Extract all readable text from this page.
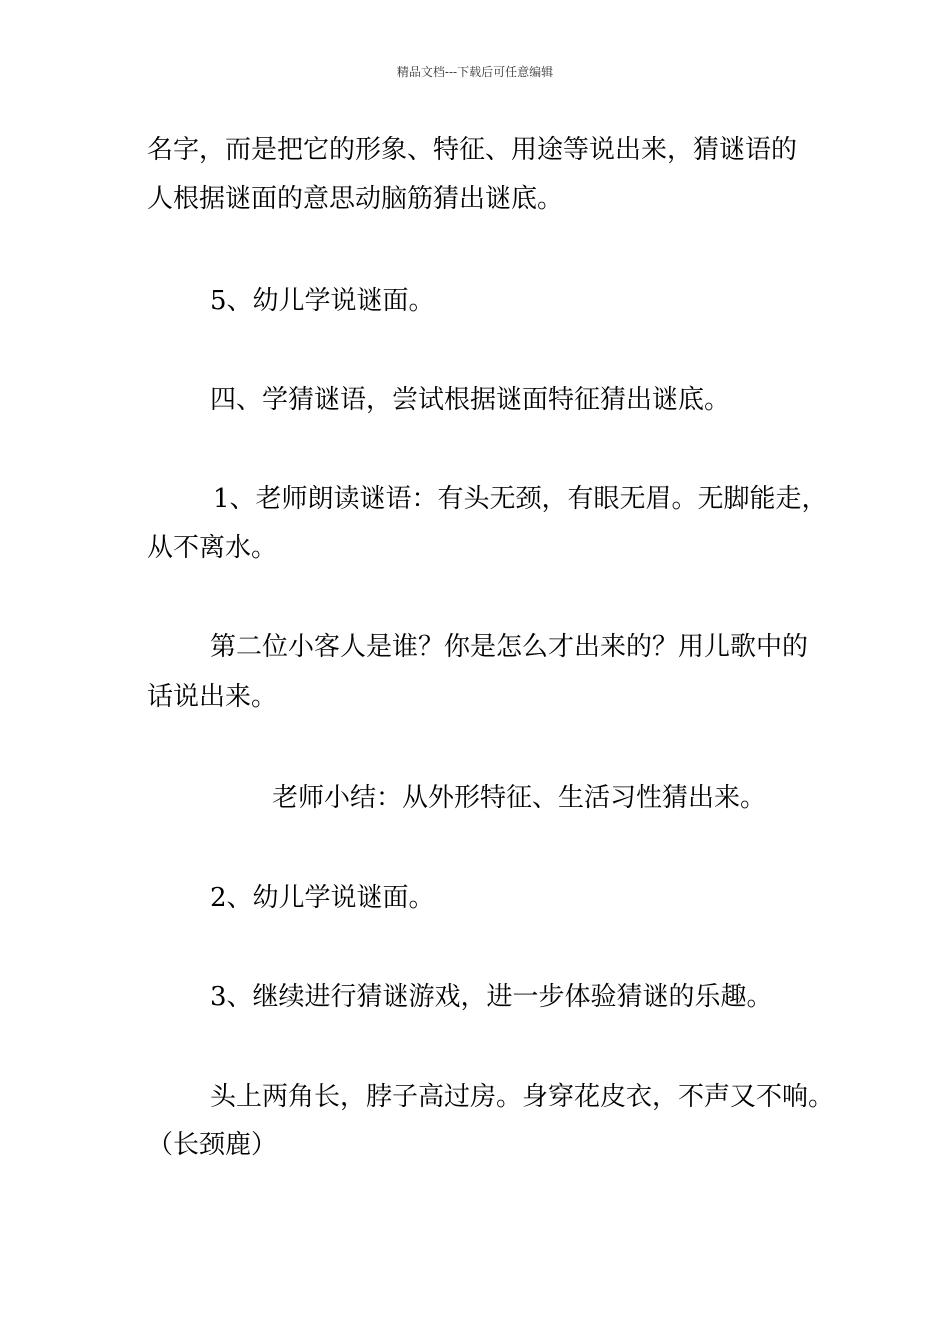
精品文档---下载后可任意编辑
名字，而是把它的形象、特征、用途等说出来，猜谜语的
人根据谜面的意思动脑筋猜出谜底。
5、幼儿学说谜面。
四、学猜谜语，尝试根据谜面特征猜出谜底。
1、老师朗读谜语：有头无颈，有眼无眉。无脚能走，
从不离水。
第二位小客人是谁？你是怎么才出来的？用儿歌中的
话说出来。
老师小结：从外形特征、生活习性猜出来。
2、幼儿学说谜面。
3、继续进行猜谜游戏，进一步体验猜谜的乐趣。
头上两角长，脖子高过房。身穿花皮衣，不声又不响。
（长颈鹿）
